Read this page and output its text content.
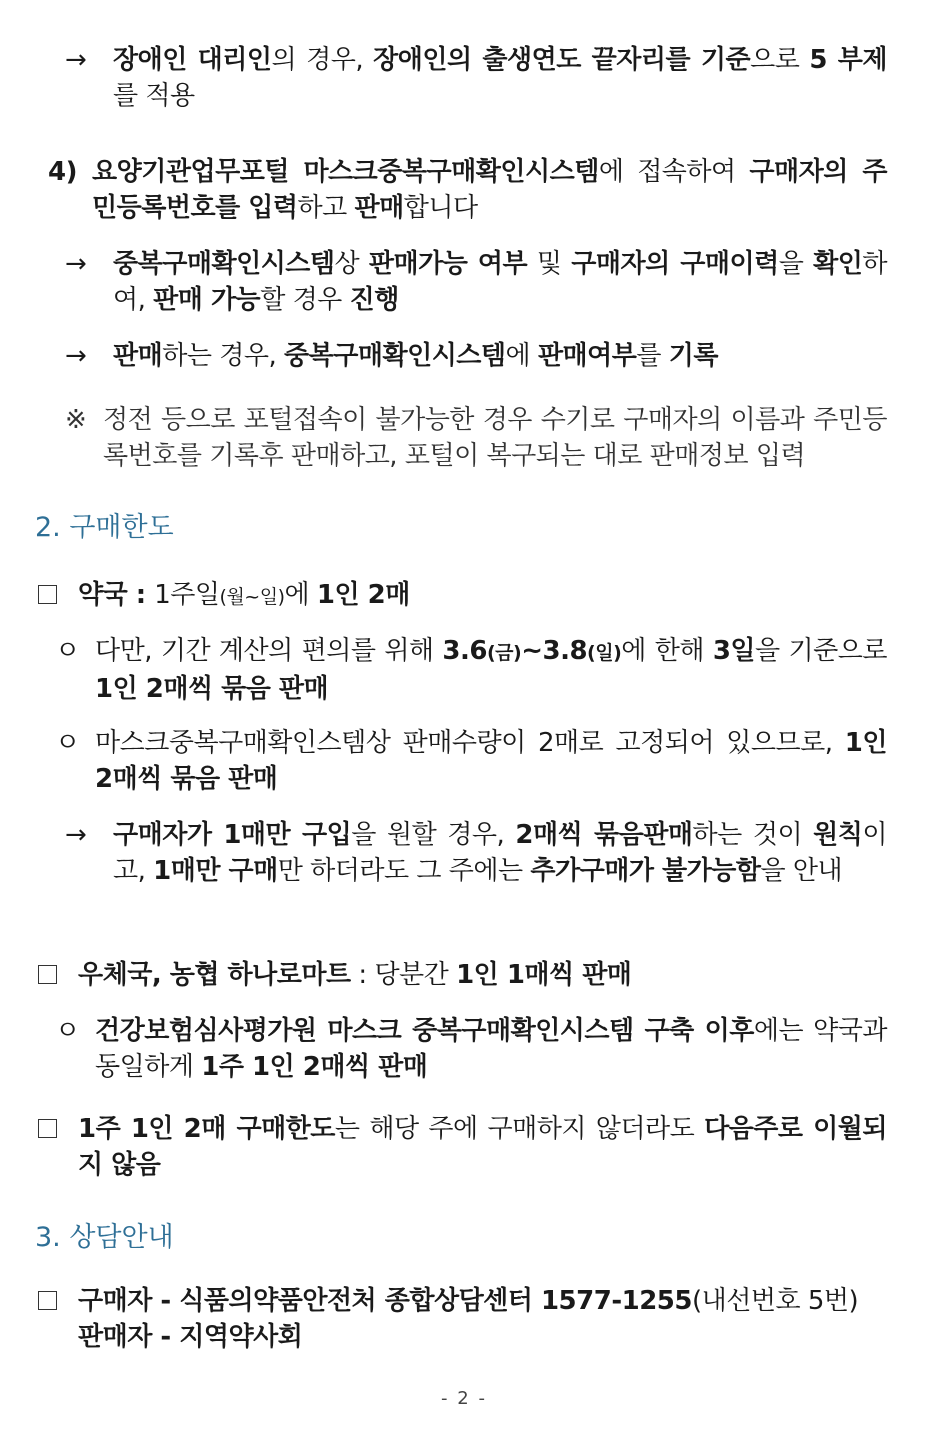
→ 장애인 대리인의 경우, 장애인의 출생연도 끝자리를 기준으로 5 부제를 적용
4) 요양기관업무포털 마스크중복구매확인시스템에 접속하여 구매자의 주민등록번호를 입력하고 판매합니다
→ 중복구매확인시스템상 판매가능 여부 및 구매자의 구매이력을 확인하여, 판매 가능할 경우 진행
→ 판매하는 경우, 중복구매확인시스템에 판매여부를 기록
※ 정전 등으로 포털접속이 불가능한 경우 수기로 구매자의 이름과 주민등록번호를 기록후 판매하고, 포털이 복구되는 대로 판매정보 입력
2. 구매한도
약국 : 1주일(월~일)에 1인 2매
ㅇ 다만, 기간 계산의 편의를 위해 3.6(금)~3.8(일)에 한해 3일을 기준으로 1인 2매씩 묶음 판매
ㅇ 마스크중복구매확인스템상 판매수량이 2매로 고정되어 있으므로, 1인 2매씩 묶음 판매
→ 구매자가 1매만 구입을 원할 경우, 2매씩 묶음판매하는 것이 원칙이고, 1매만 구매만 하더라도 그 주에는 추가구매가 불가능함을 안내
우체국, 농협 하나로마트 : 당분간 1인 1매씩 판매
ㅇ 건강보험심사평가원 마스크 중복구매확인시스템 구축 이후에는 약국과 동일하게 1주 1인 2매씩 판매
1주 1인 2매 구매한도는 해당 주에 구매하지 않더라도 다음주로 이월되지 않음
3. 상담안내
구매자 - 식품의약품안전처 종합상담센터 1577-1255(내선번호 5번)
판매자 - 지역약사회
- 2 -
